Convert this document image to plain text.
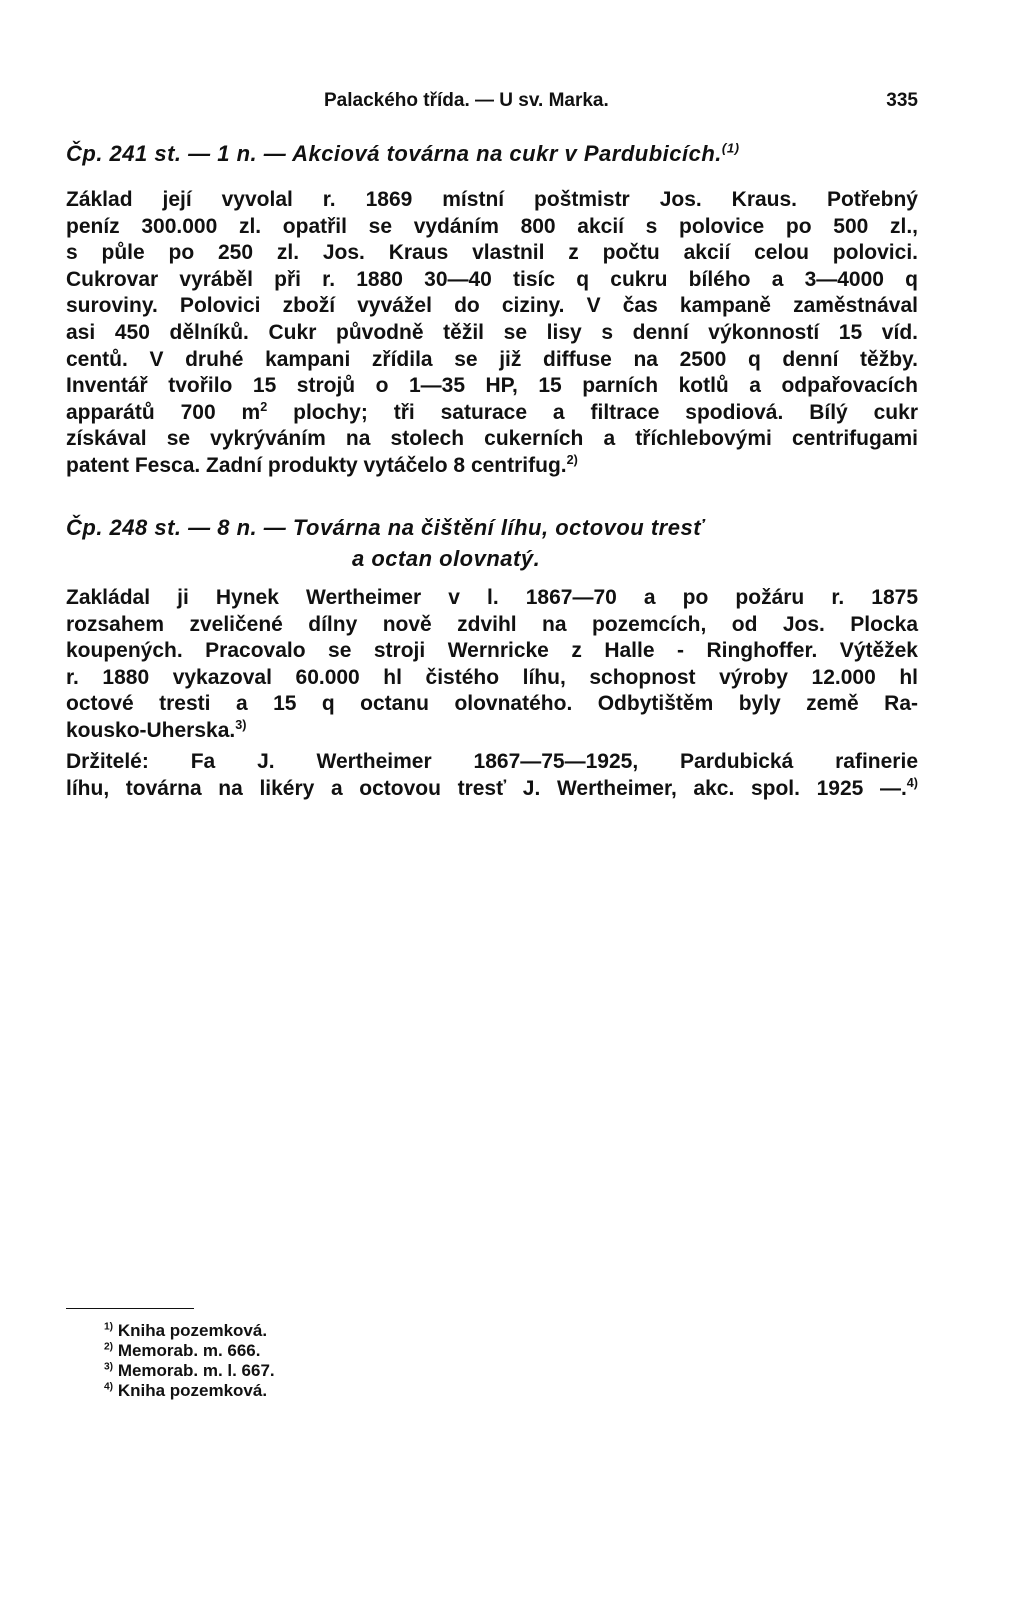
Palackého třída. — U sv. Marka.	335
Čp. 241 st. — 1 n. — Akciová továrna na cukr v Pardubicích.$^{(1)}$
Základ její vyvolal r. 1869 místní poštmistr Jos. Kraus. Potřebný
peníz 300.000 zl. opatřil se vydáním 800 akcií s polovice po 500 zl.,
s půle po 250 zl. Jos. Kraus vlastnil z počtu akcií celou polovici.
Cukrovar vyráběl při r. 1880 30—40 tisíc q cukru bílého a 3—4000 q
suroviny. Polovici zboží vyvážel do ciziny. V čas kampaně zaměstnával
asi 450 dělníků. Cukr původně těžil se lisy s denní výkonností 15 víd.
centů. V druhé kampani zřídila se již diffuse na 2500 q denní těžby.
Inventář tvořilo 15 strojů o 1—35 HP, 15 parních kotlů a odpařovacích
apparátů 700 $m^2$ plochy; tři saturace a filtrace spodiová. Bílý cukr
získával se vykrýváním na stolech cukerních a tříchlebovými centrifugami
patent Fesca. Zadní produkty vytáčelo 8 centrifug.$^{2)}$
Čp. 248 st. — 8 n. — Továrna na čištění líhu, octovou tresť
a octan olovnatý.
Zakládal ji Hynek Wertheimer v l. 1867—70 a po požáru r. 1875
rozsahem zveličené dílny nově zdvihl na pozemcích, od Jos. Plocka
koupených. Pracovalo se stroji Wernricke z Halle - Ringhoffer. Výtěžek
r. 1880 vykazoval 60.000 hl čistého líhu, schopnost výroby 12.000 hl
octové tresti a 15 q octanu olovnatého. Odbytištěm byly země Ra-
kousko-Uherska.$^{3)}$
Držitelé: Fa J. Wertheimer 1867—75—1925, Pardubická rafinerie
líhu, továrna na likéry a octovou tresť J. Wertheimer, akc. spol. 1925 —.$^{4)}$
$^{1)}$ Kniha pozemková.
$^{2)}$ Memorab. m. 666.
$^{3)}$ Memorab. m. l. 667.
$^{4)}$ Kniha pozemková.
